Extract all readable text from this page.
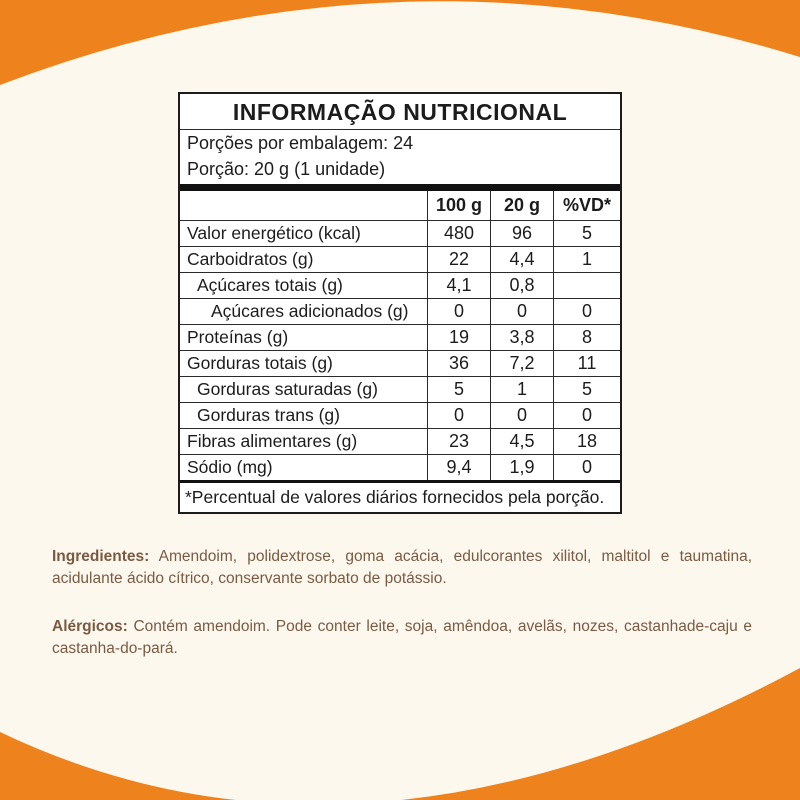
INFORMAÇÃO NUTRICIONAL
Porções por embalagem: 24
Porção: 20 g (1 unidade)
100 g	20 g	%VD*
Valor energético (kcal)	480	96	5
Carboidratos (g)	22	4,4	1
Açúcares totais (g)	4,1	0,8
Açúcares adicionados (g)	0	0	0
Proteínas (g)	19	3,8	8
Gorduras totais (g)	36	7,2	11
Gorduras saturadas (g)	5	1	5
Gorduras trans (g)	0	0	0
Fibras alimentares (g)	23	4,5	18
Sódio (mg)	9,4	1,9	0
*Percentual de valores diários fornecidos pela porção.

Ingredientes: Amendoim, polidextrose, goma acácia, edulcorantes xilitol, maltitol e taumatina, acidulante ácido cítrico, conservante sorbato de potássio.

Alérgicos: Contém amendoim. Pode conter leite, soja, amêndoa, avelãs, nozes, castanhade-caju e castanha-do-pará.
